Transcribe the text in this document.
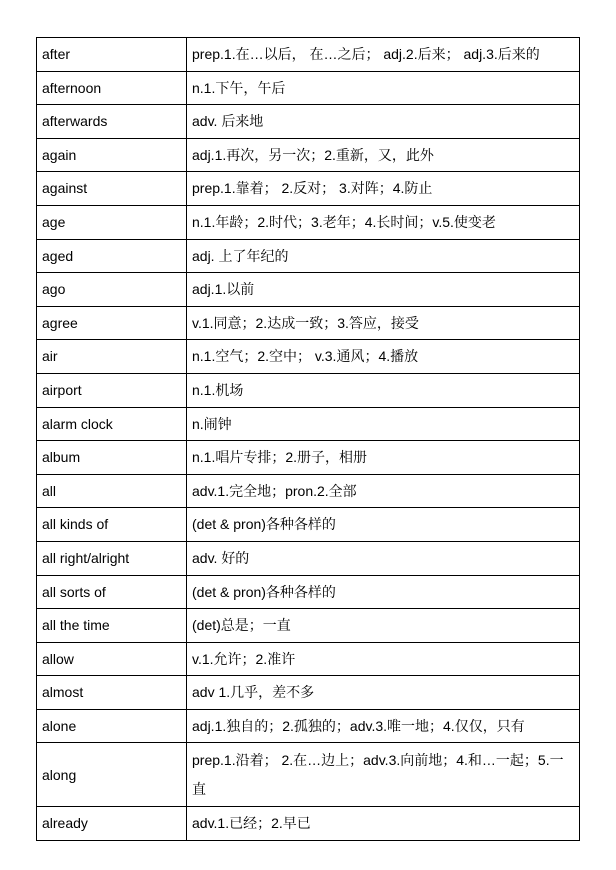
after	prep.1.在…以后， 在…之后； adj.2.后来； adj.3.后来的
afternoon	n.1.下午，午后
afterwards	adv. 后来地
again	adj.1.再次，另一次；2.重新，又，此外
against	prep.1.靠着； 2.反对； 3.对阵；4.防止
age	n.1.年龄；2.时代；3.老年；4.长时间；v.5.使变老
aged	adj. 上了年纪的
ago	adj.1.以前
agree	v.1.同意；2.达成一致；3.答应，接受
air	n.1.空气；2.空中； v.3.通风；4.播放
airport	n.1.机场
alarm clock	n.闹钟
album	n.1.唱片专排；2.册子，相册
all	adv.1.完全地；pron.2.全部
all kinds of	(det & pron)各种各样的
all right/alright	adv. 好的
all sorts of	(det & pron)各种各样的
all the time	(det)总是；一直
allow	v.1.允许；2.准许
almost	adv 1.几乎，差不多
alone	adj.1.独自的；2.孤独的；adv.3.唯一地；4.仅仅，只有
along	prep.1.沿着； 2.在…边上；adv.3.向前地；4.和…一起；5.一直
already	adv.1.已经；2.早已
